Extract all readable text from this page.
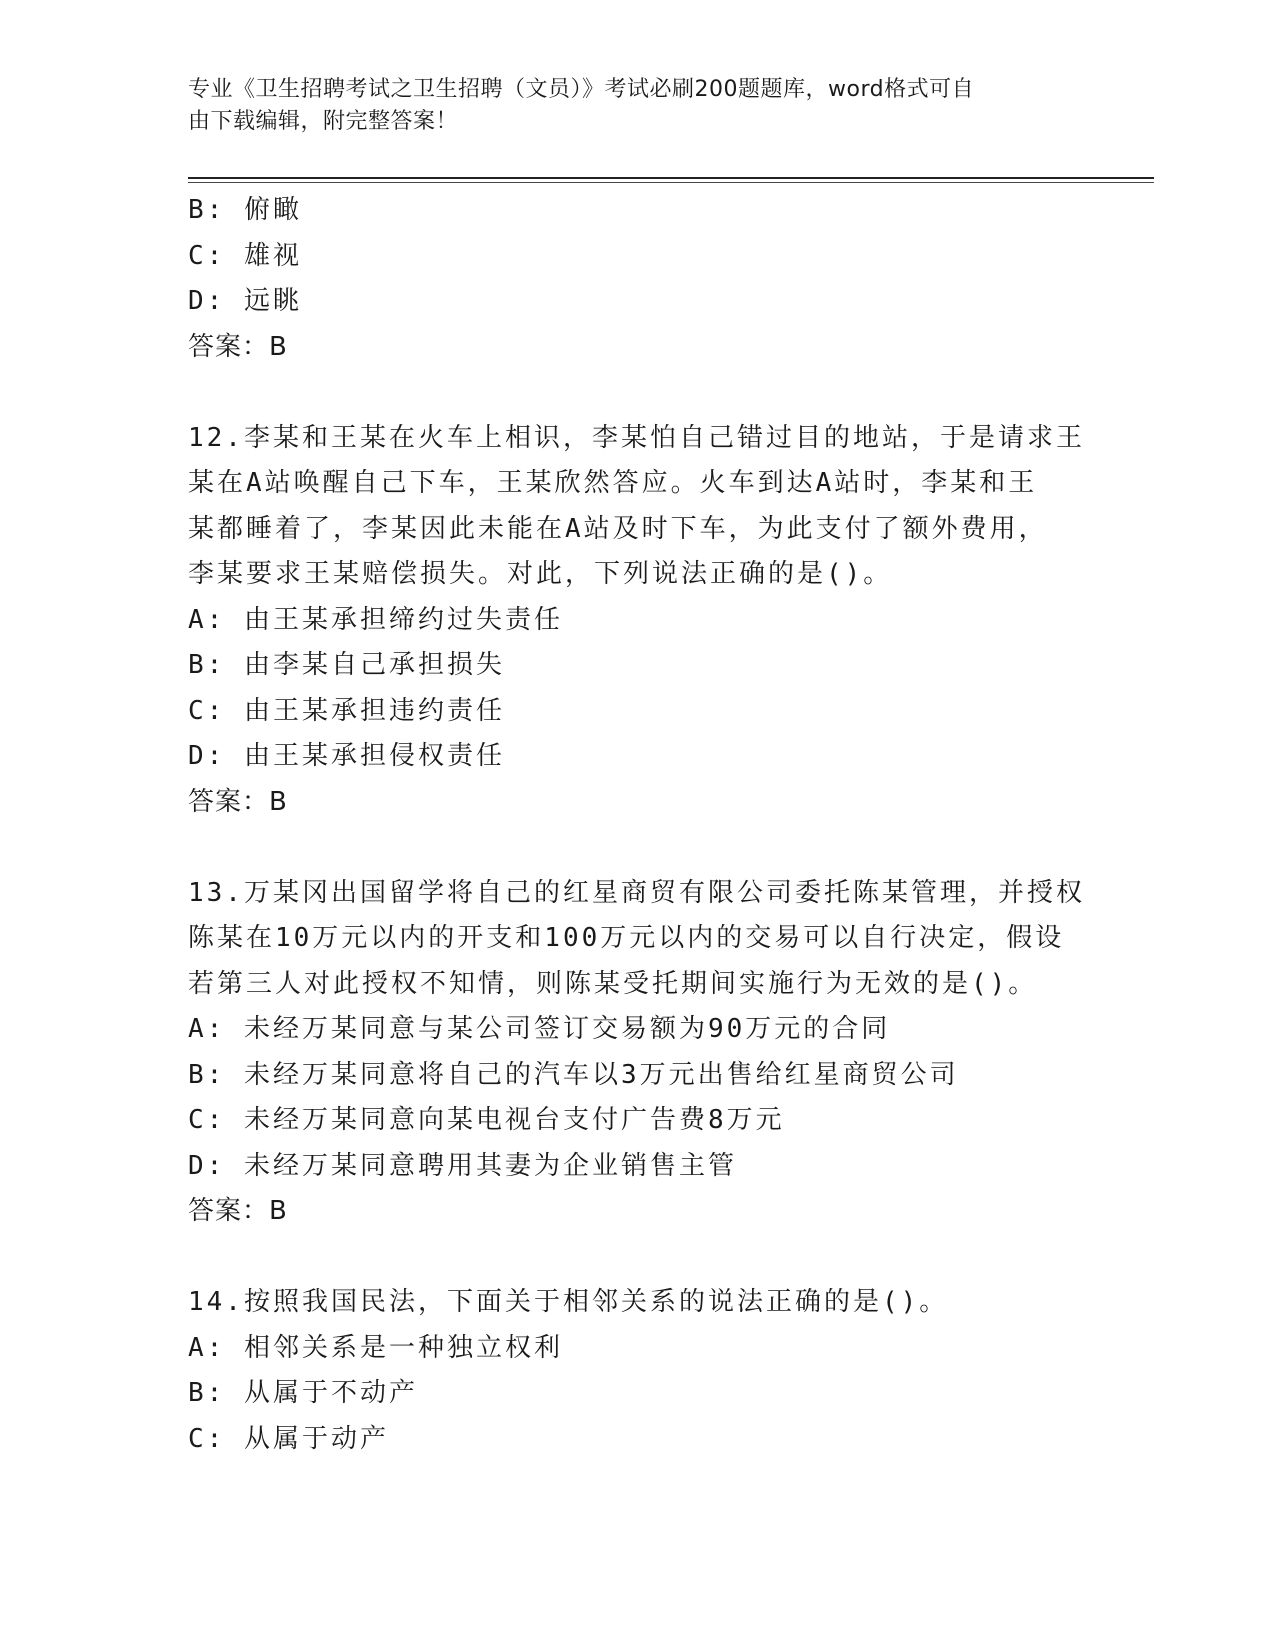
专业《卫生招聘考试之卫生招聘（文员）》考试必刷200题题库，word格式可自
由下载编辑，附完整答案！
B: 俯瞰
C: 雄视
D: 远眺
答案：B
12.李某和王某在火车上相识，李某怕自己错过目的地站，于是请求王
某在A站唤醒自己下车，王某欣然答应。火车到达A站时，李某和王
某都睡着了，李某因此未能在A站及时下车，为此支付了额外费用，
李某要求王某赔偿损失。对此，下列说法正确的是()。
A: 由王某承担缔约过失责任
B: 由李某自己承担损失
C: 由王某承担违约责任
D: 由王某承担侵权责任
答案：B
13.万某冈出国留学将自己的红星商贸有限公司委托陈某管理，并授权
陈某在10万元以内的开支和100万元以内的交易可以自行决定，假设
若第三人对此授权不知情，则陈某受托期间实施行为无效的是()。
A: 未经万某同意与某公司签订交易额为90万元的合同
B: 未经万某同意将自己的汽车以3万元出售给红星商贸公司
C: 未经万某同意向某电视台支付广告费8万元
D: 未经万某同意聘用其妻为企业销售主管
答案：B
14.按照我国民法，下面关于相邻关系的说法正确的是()。
A: 相邻关系是一种独立权利
B: 从属于不动产
C: 从属于动产
